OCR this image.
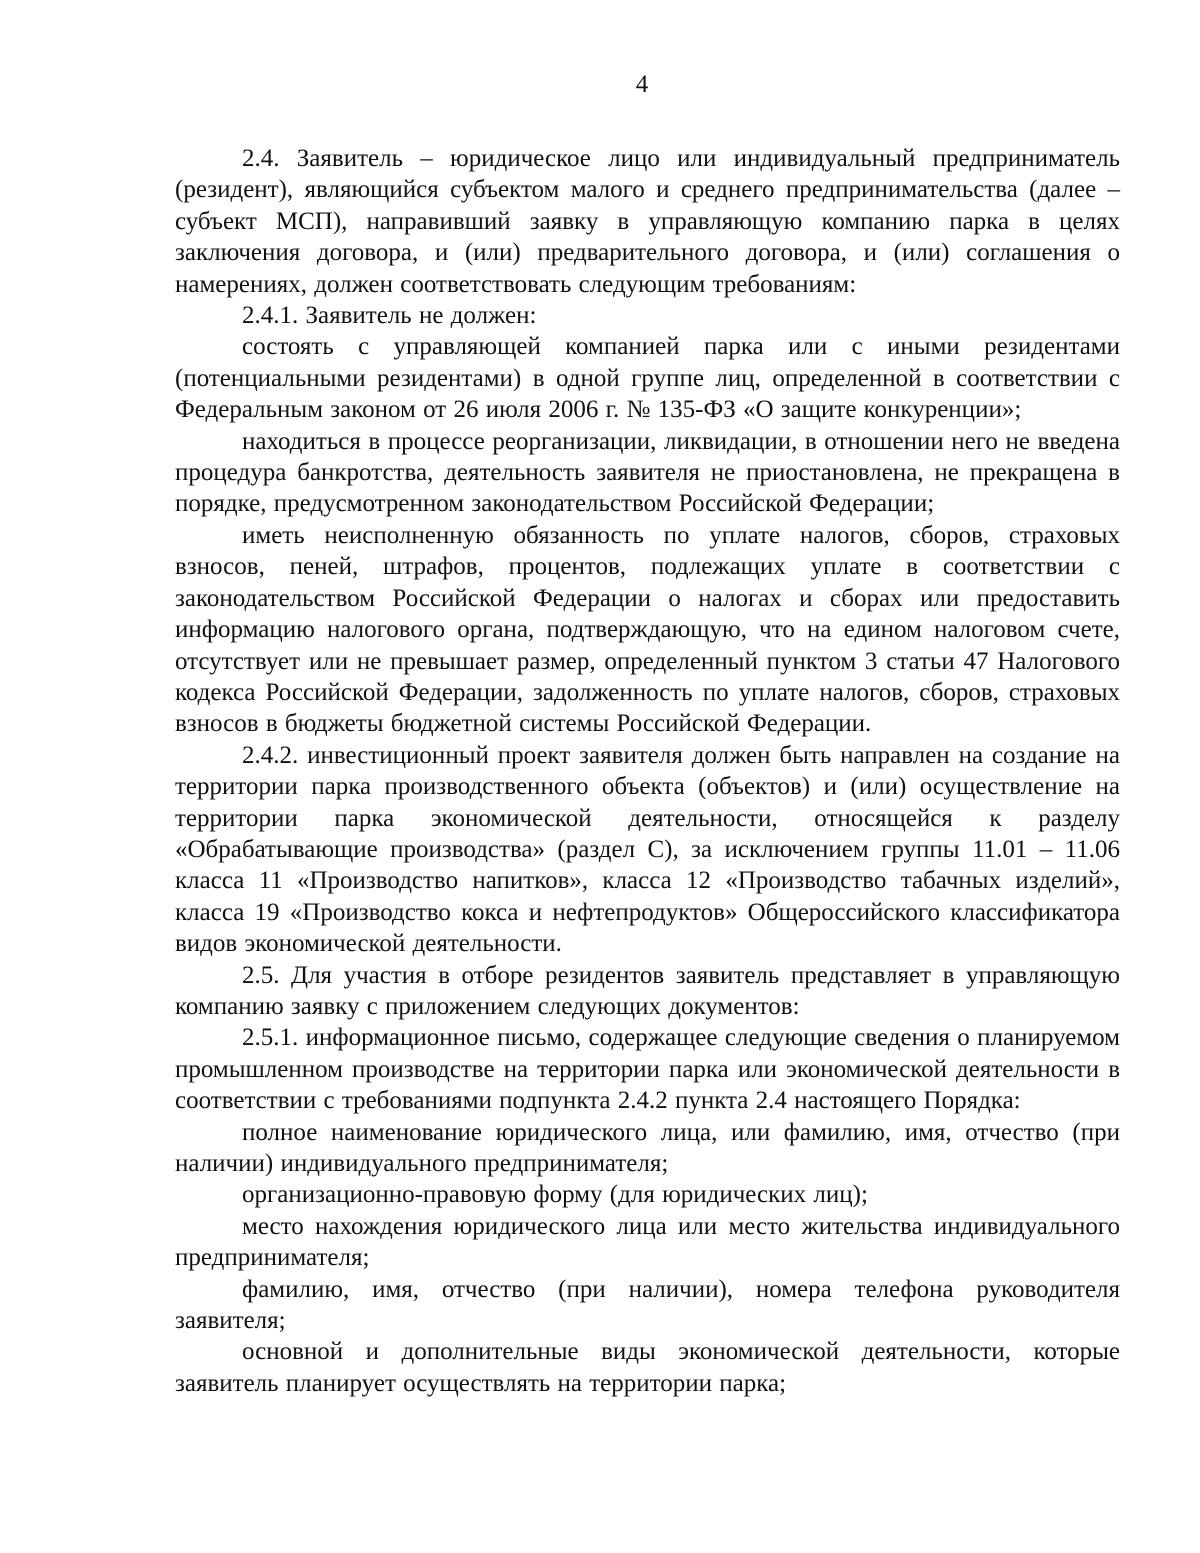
4

2.4. Заявитель – юридическое лицо или индивидуальный предприниматель (резидент), являющийся субъектом малого и среднего предпринимательства (далее – субъект МСП), направивший заявку в управляющую компанию парка в целях заключения договора, и (или) предварительного договора, и (или) соглашения о намерениях, должен соответствовать следующим требованиям:

2.4.1. Заявитель не должен:

состоять с управляющей компанией парка или с иными резидентами (потенциальными резидентами) в одной группе лиц, определенной в соответствии с Федеральным законом от 26 июля 2006 г. № 135-ФЗ «О защите конкуренции»;

находиться в процессе реорганизации, ликвидации, в отношении него не введена процедура банкротства, деятельность заявителя не приостановлена, не прекращена в порядке, предусмотренном законодательством Российской Федерации;

иметь неисполненную обязанность по уплате налогов, сборов, страховых взносов, пеней, штрафов, процентов, подлежащих уплате в соответствии с законодательством Российской Федерации о налогах и сборах или предоставить информацию налогового органа, подтверждающую, что на едином налоговом счете, отсутствует или не превышает размер, определенный пунктом 3 статьи 47 Налогового кодекса Российской Федерации, задолженность по уплате налогов, сборов, страховых взносов в бюджеты бюджетной системы Российской Федерации.

2.4.2. инвестиционный проект заявителя должен быть направлен на создание на территории парка производственного объекта (объектов) и (или) осуществление на территории парка экономической деятельности, относящейся к разделу «Обрабатывающие производства» (раздел С), за исключением группы 11.01 – 11.06 класса 11 «Производство напитков», класса 12 «Производство табачных изделий», класса 19 «Производство кокса и нефтепродуктов» Общероссийского классификатора видов экономической деятельности.

2.5. Для участия в отборе резидентов заявитель представляет в управляющую компанию заявку с приложением следующих документов:

2.5.1. информационное письмо, содержащее следующие сведения о планируемом промышленном производстве на территории парка или экономической деятельности в соответствии с требованиями подпункта 2.4.2 пункта 2.4 настоящего Порядка:

полное наименование юридического лица, или фамилию, имя, отчество (при наличии) индивидуального предпринимателя;

организационно-правовую форму (для юридических лиц);

место нахождения юридического лица или место жительства индивидуального предпринимателя;

фамилию, имя, отчество (при наличии), номера телефона руководителя заявителя;

основной и дополнительные виды экономической деятельности, которые заявитель планирует осуществлять на территории парка;
